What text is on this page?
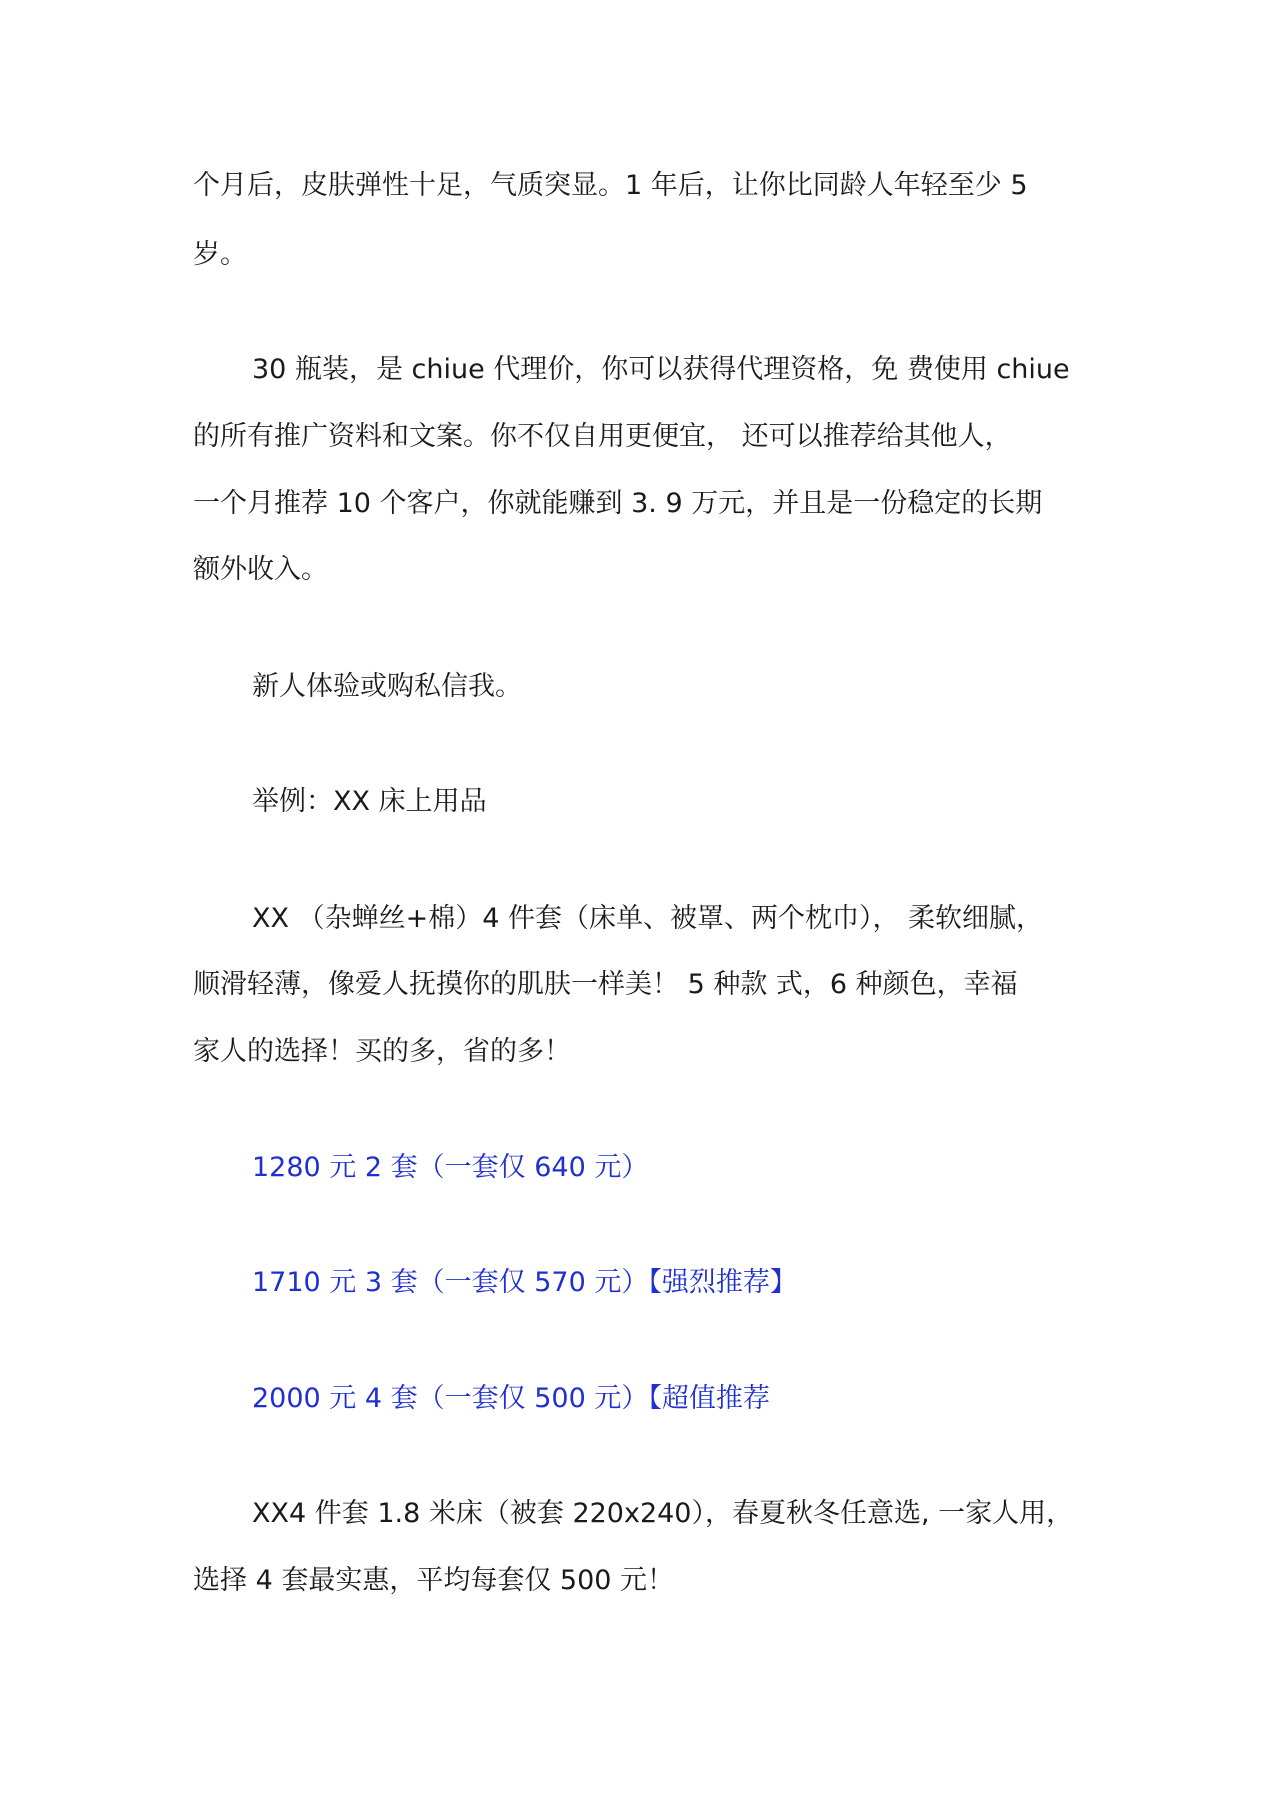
个月后，皮肤弹性十足，气质突显。1 年后，让你比同龄人年轻至少 5

岁。

30 瓶装，是 chiue 代理价，你可以获得代理资格，免 费使用 chiue

的所有推广资料和文案。你不仅自用更便宜， 还可以推荐给其他人，

一个月推荐 10 个客户，你就能赚到 3. 9 万元，并且是一份稳定的长期

额外收入。

新人体验或购私信我。

举例：XX 床上用品

XX （杂蝉丝+棉）4 件套（床单、被罩、两个枕巾）， 柔软细腻，

顺滑轻薄，像爱人抚摸你的肌肤一样美！ 5 种款 式，6 种颜色，幸福

家人的选择！买的多，省的多！

1280 元 2 套（一套仅 640 元）

1710 元 3 套（一套仅 570 元）【强烈推荐】

2000 元 4 套（一套仅 500 元）【超值推荐

XX4 件套 1.8 米床（被套 220x240），春夏秋冬任意选, 一家人用，

选择 4 套最实惠，平均每套仅 500 元！
